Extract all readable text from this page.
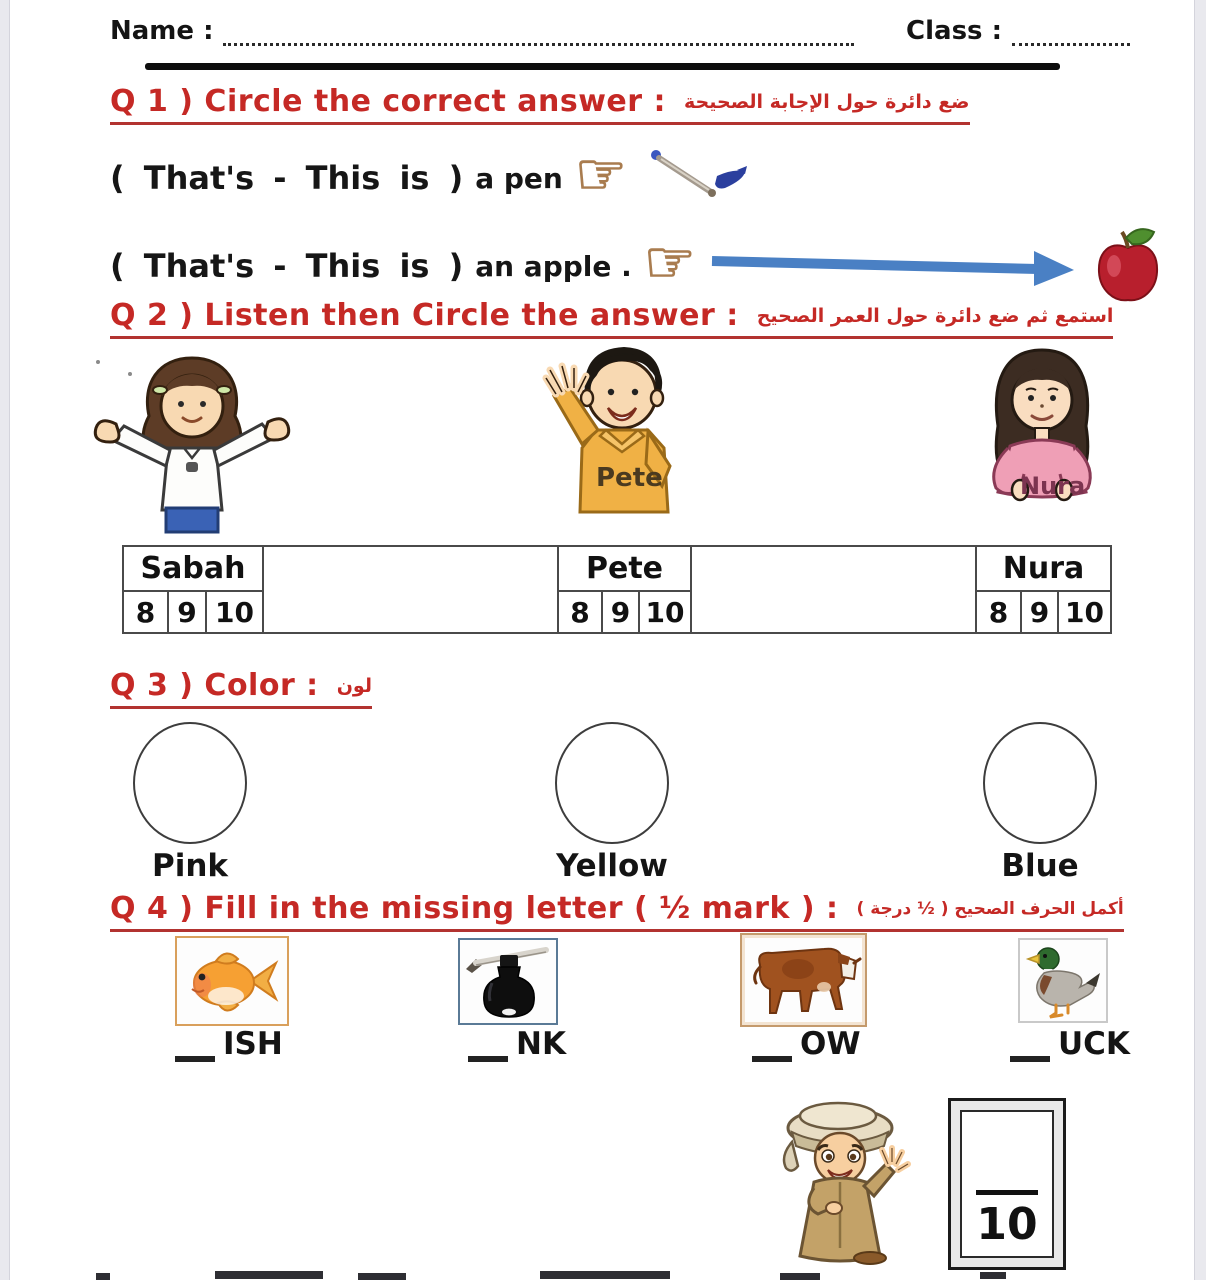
Name :	Class :
Q 1 ) Circle the correct answer : ضع دائرة حول الإجابة الصحيحة
( That's - This is ) a pen ☞
( That's - This is ) an apple . ☞
Q 2 ) Listen then Circle the answer : استمع ثم ضع دائرة حول العمر الصحيح
Pete	Nura
Sabah				Pete				Nura		
8	9	10		8	9	10		8	9	10
Q 3 ) Color : لون
Pink	Yellow	Blue
Q 4 ) Fill in the missing letter ( ½ mark ) : أكمل الحرف الصحيح ( ½ درجة )
ISH	NK	OW	UCK
10
